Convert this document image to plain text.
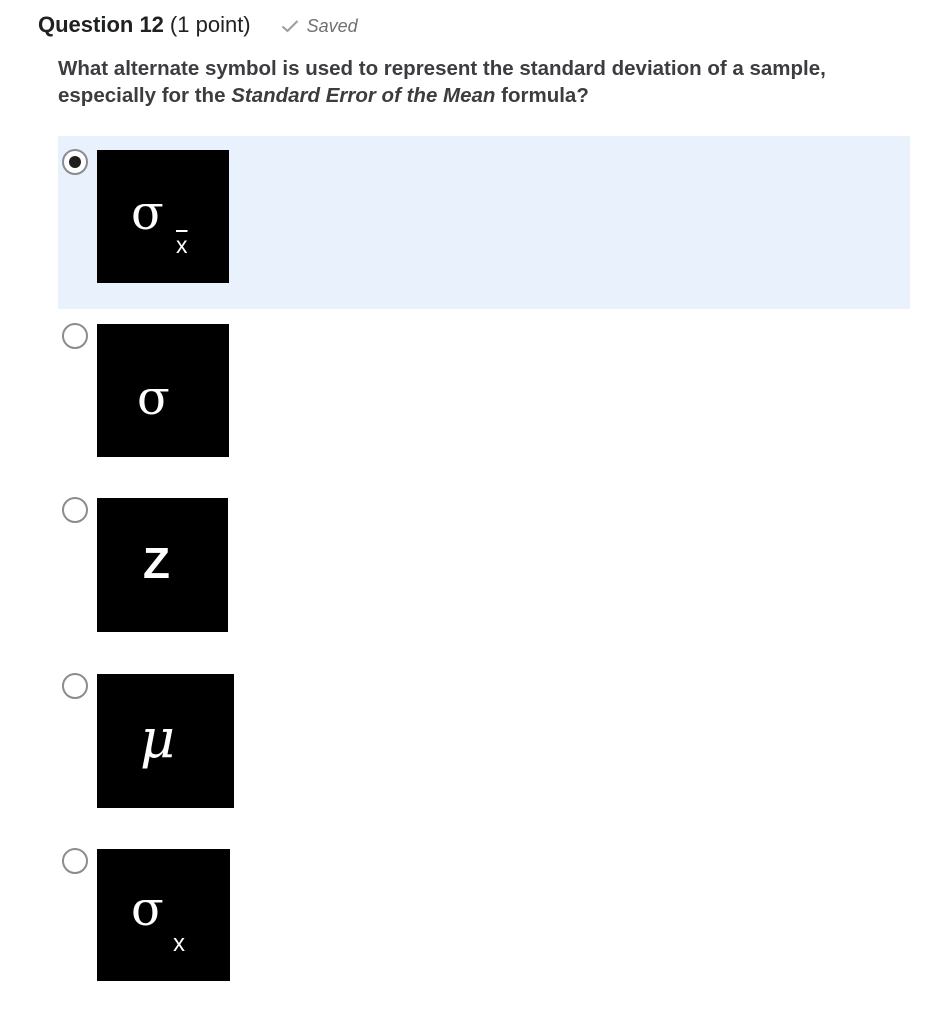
Question 12 (1 point)	Saved
What alternate symbol is used to represent the standard deviation of a sample, especially for the Standard Error of the Mean formula?
σ
$\overline{x}$
σ
Z
μ
σ
x
